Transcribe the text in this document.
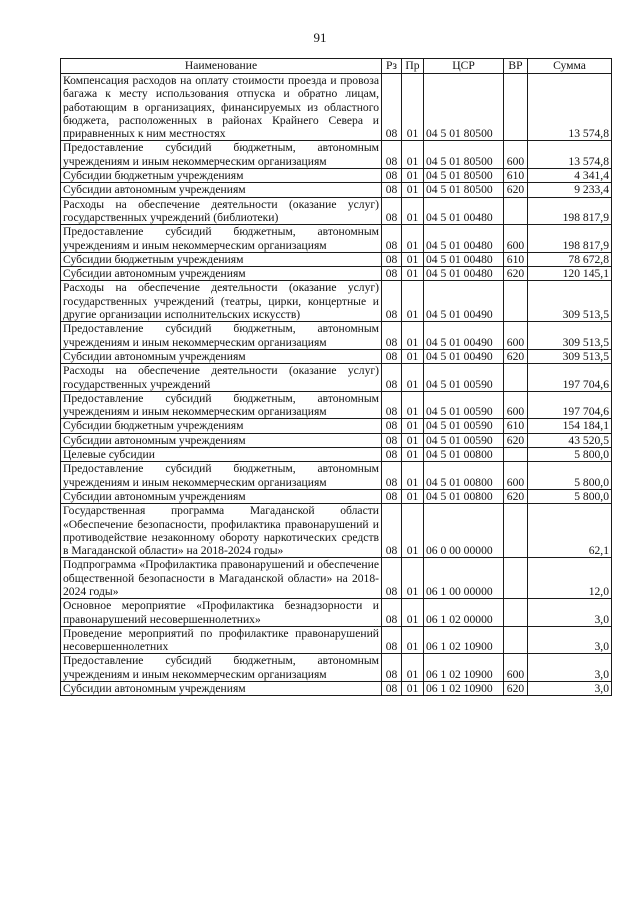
91
Наименование	Рз	Пр	ЦСР	ВР	Сумма
Компенсация расходов на оплату стоимости проезда и провоза багажа к месту использования отпуска и обратно лицам, работающим в организациях, финансируемых из областного бюджета, расположенных в районах Крайнего Севера и приравненных к ним местностях	08	01	04 5 01 80500		13 574,8
Предоставление субсидий бюджетным, автономным учреждениям и иным некоммерческим организациям	08	01	04 5 01 80500	600	13 574,8
Субсидии бюджетным учреждениям	08	01	04 5 01 80500	610	4 341,4
Субсидии автономным учреждениям	08	01	04 5 01 80500	620	9 233,4
Расходы на обеспечение деятельности (оказание услуг) государственных учреждений (библиотеки)	08	01	04 5 01 00480		198 817,9
Предоставление субсидий бюджетным, автономным учреждениям и иным некоммерческим организациям	08	01	04 5 01 00480	600	198 817,9
Субсидии бюджетным учреждениям	08	01	04 5 01 00480	610	78 672,8
Субсидии автономным учреждениям	08	01	04 5 01 00480	620	120 145,1
Расходы на обеспечение деятельности (оказание услуг) государственных учреждений (театры, цирки, концертные и другие организации исполнительских искусств)	08	01	04 5 01 00490		309 513,5
Предоставление субсидий бюджетным, автономным учреждениям и иным некоммерческим организациям	08	01	04 5 01 00490	600	309 513,5
Субсидии автономным учреждениям	08	01	04 5 01 00490	620	309 513,5
Расходы на обеспечение деятельности (оказание услуг) государственных учреждений	08	01	04 5 01 00590		197 704,6
Предоставление субсидий бюджетным, автономным учреждениям и иным некоммерческим организациям	08	01	04 5 01 00590	600	197 704,6
Субсидии бюджетным учреждениям	08	01	04 5 01 00590	610	154 184,1
Субсидии автономным учреждениям	08	01	04 5 01 00590	620	43 520,5
Целевые субсидии	08	01	04 5 01 00800		5 800,0
Предоставление субсидий бюджетным, автономным учреждениям и иным некоммерческим организациям	08	01	04 5 01 00800	600	5 800,0
Субсидии автономным учреждениям	08	01	04 5 01 00800	620	5 800,0
Государственная программа Магаданской области «Обеспечение безопасности, профилактика правонарушений и противодействие незаконному обороту наркотических средств в Магаданской области» на 2018-2024 годы»	08	01	06 0 00 00000		62,1
Подпрограмма «Профилактика правонарушений и обеспечение общественной безопасности в Магаданской области» на 2018-2024 годы»	08	01	06 1 00 00000		12,0
Основное мероприятие «Профилактика безнадзорности и правонарушений несовершеннолетних»	08	01	06 1 02 00000		3,0
Проведение мероприятий по профилактике правонарушений несовершеннолетних	08	01	06 1 02 10900		3,0
Предоставление субсидий бюджетным, автономным учреждениям и иным некоммерческим организациям	08	01	06 1 02 10900	600	3,0
Субсидии автономным учреждениям	08	01	06 1 02 10900	620	3,0
